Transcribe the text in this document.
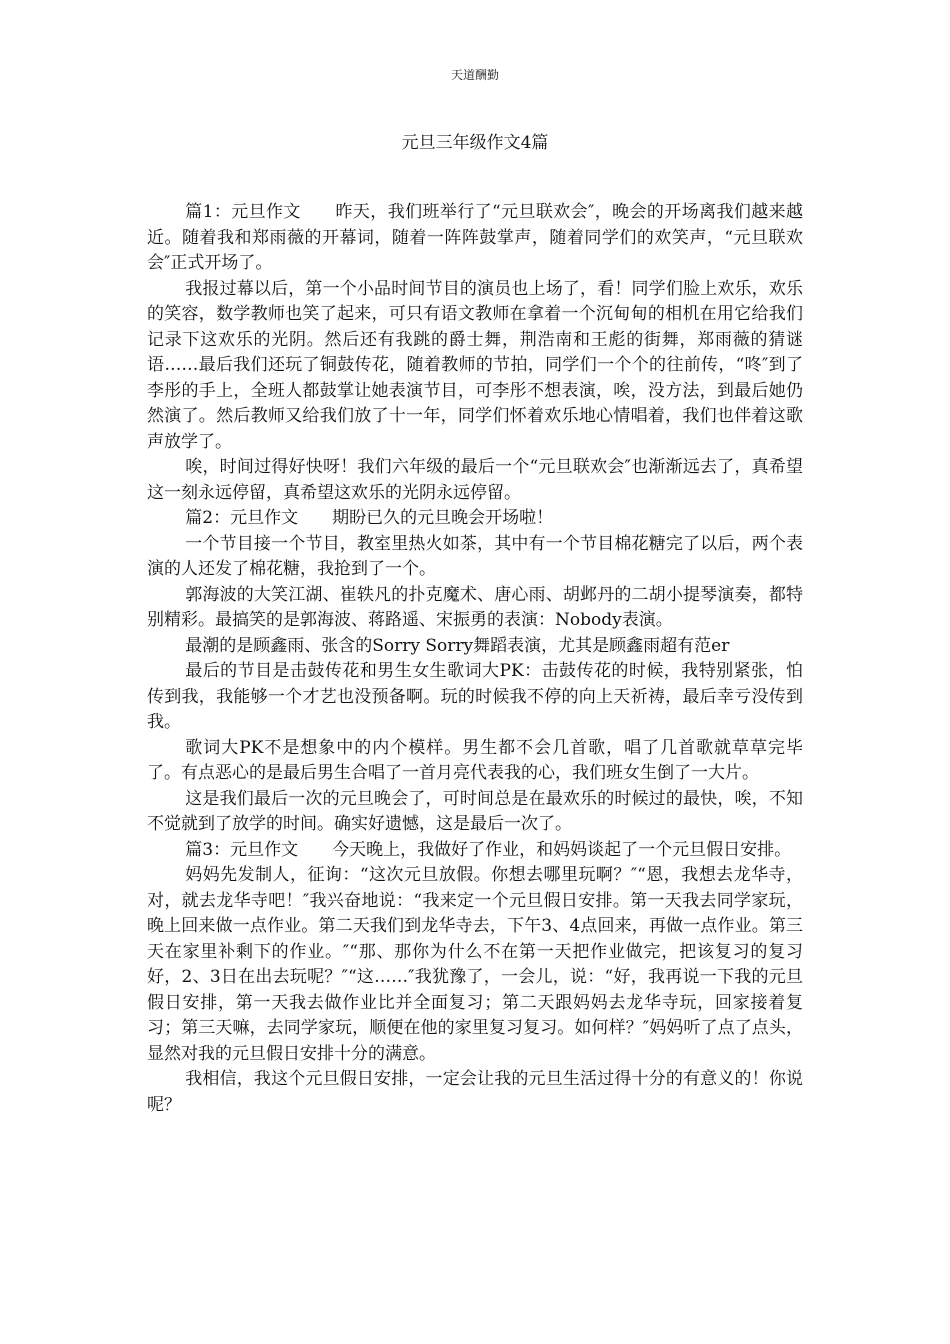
天道酬勤
元旦三年级作文4篇

篇1：元旦作文　　昨天，我们班举行了“元旦联欢会″，晚会的开场离我们越来越近。随着我和郑雨薇的开幕词，随着一阵阵鼓掌声，随着同学们的欢笑声，“元旦联欢会″正式开场了。

我报过幕以后，第一个小品时间节目的演员也上场了，看！同学们脸上欢乐，欢乐的笑容，数学教师也笑了起来，可只有语文教师在拿着一个沉甸甸的相机在用它给我们记录下这欢乐的光阴。然后还有我跳的爵士舞，荆浩南和王彪的街舞，郑雨薇的猜谜语……最后我们还玩了铜鼓传花，随着教师的节拍，同学们一个个的往前传，“咚″到了李彤的手上，全班人都鼓掌让她表演节目，可李彤不想表演，唉，没方法，到最后她仍然演了。然后教师又给我们放了十一年，同学们怀着欢乐地心情唱着，我们也伴着这歌声放学了。

唉，时间过得好快呀！我们六年级的最后一个“元旦联欢会″也渐渐远去了，真希望这一刻永远停留，真希望这欢乐的光阴永远停留。

篇2：元旦作文　　期盼已久的元旦晚会开场啦！

一个节目接一个节目，教室里热火如茶，其中有一个节目棉花糖完了以后，两个表演的人还发了棉花糖，我抢到了一个。

郭海波的大笑江湖、崔轶凡的扑克魔术、唐心雨、胡邺丹的二胡小提琴演奏，都特别精彩。最搞笑的是郭海波、蒋路遥、宋振勇的表演：Nobody表演。

最潮的是顾鑫雨、张含的Sorry Sorry舞蹈表演，尤其是顾鑫雨超有范er

最后的节目是击鼓传花和男生女生歌词大PK：击鼓传花的时候，我特别紧张，怕传到我，我能够一个才艺也没预备啊。玩的时候我不停的向上天祈祷，最后幸亏没传到我。

歌词大PK不是想象中的内个模样。男生都不会几首歌，唱了几首歌就草草完毕了。有点恶心的是最后男生合唱了一首月亮代表我的心，我们班女生倒了一大片。

这是我们最后一次的元旦晚会了，可时间总是在最欢乐的时候过的最快，唉，不知不觉就到了放学的时间。确实好遗憾，这是最后一次了。

篇3：元旦作文　　今天晚上，我做好了作业，和妈妈谈起了一个元旦假日安排。

妈妈先发制人，征询：“这次元旦放假。你想去哪里玩啊？″“恩，我想去龙华寺，对，就去龙华寺吧！″我兴奋地说：“我来定一个元旦假日安排。第一天我去同学家玩，晚上回来做一点作业。第二天我们到龙华寺去，下午3、4点回来，再做一点作业。第三天在家里补剩下的作业。″“那、那你为什么不在第一天把作业做完，把该复习的复习好，2、3日在出去玩呢？″“这……″我犹豫了，一会儿，说：“好，我再说一下我的元旦假日安排，第一天我去做作业比并全面复习；第二天跟妈妈去龙华寺玩，回家接着复习；第三天嘛，去同学家玩，顺便在他的家里复习复习。如何样？″妈妈听了点了点头，显然对我的元旦假日安排十分的满意。

我相信，我这个元旦假日安排，一定会让我的元旦生活过得十分的有意义的！你说呢？
